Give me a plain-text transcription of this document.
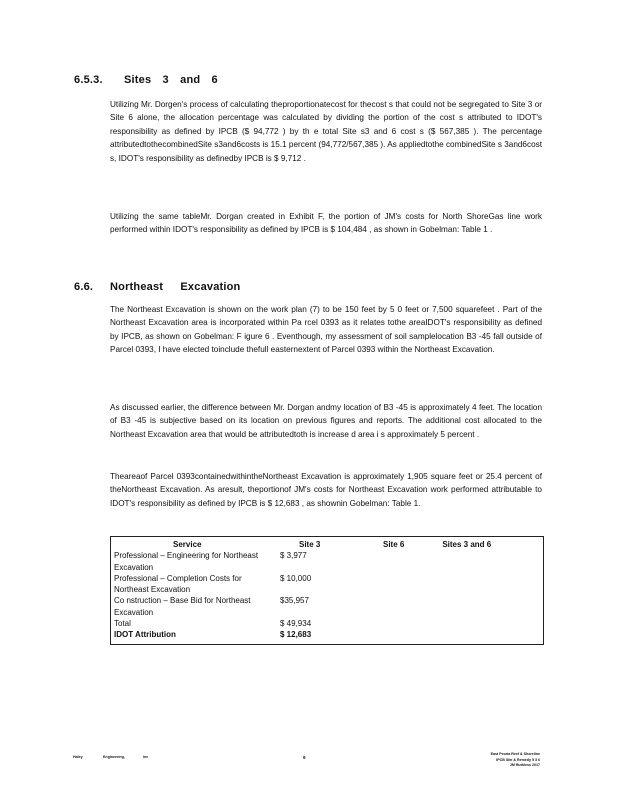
6.5.3. Sites 3 and 6

Utilizing Mr. Dorgen's process of calculating theproportionatecost for thecost s that could not be segregated to Site 3 or Site 6 alone, the allocation percentage was calculated by dividing the portion of the cost s attributed to IDOT's responsibility as defined by IPCB ($ 94,772 ) by th e total Site s3 and 6 cost s ($ 567,385 ). The percentage attributedtothecombinedSite s3and6costs is 15.1 percent (94,772/567,385 ). As appliedtothe combinedSite s 3and6cost s, IDOT's responsibility as definedby IPCB is $ 9,712 .

Utilizing the same tableMr. Dorgan created in Exhibit F, the portion of JM's costs for North ShoreGas line work performed within IDOT's responsibility as defined by IPCB is $ 104,484 , as shown in Gobelman: Table 1 .

6.6. Northeast Excavation

The Northeast Excavation is shown on the work plan (7) to be 150 feet by 5 0 feet or 7,500 squarefeet . Part of the Northeast Excavation area is incorporated within Pa rcel 0393 as it relates tothe areaIDOT's responsibility as defined by IPCB, as shown on Gobelman: F igure 6 . Eventhough, my assessment of soil samplelocation B3 -45 fall outside of Parcel 0393, I have elected toinclude thefull easternextent of Parcel 0393 within the Northeast Excavation.

As discussed earlier, the difference between Mr. Dorgan andmy location of B3 -45 is approximately 4 feet. The location of B3 -45 is subjective based on its location on previous figures and reports. The additional cost allocated to the Northeast Excavation area that would be attributedtoth is increase d area i s approximately 5 percent .

Theareaof Parcel 0393containedwithintheNortheast Excavation is approximately 1,905 square feet or 25.4 percent of theNortheast Excavation. As aresult, theportionof JM's costs for Northeast Excavation work performed attributable to IDOT's responsibility as defined by IPCB is $ 12,683 , as shownin Gobelman: Table 1.

Service	Site 3	Site 6	Sites 3 and 6
Professional – Engineering for Northeast Excavation	$ 3,977		
Professional – Completion Costs for Northeast Excavation	$ 10,000		
Co nstruction – Base Bid for Northeast Excavation	$35,957		
Total	$ 49,934		
IDOT Attribution	$ 12,683		
Haley	Engineering,	Inc	9
East Peoria Reef & Shoreline
IPCB Site & Remedy 5 3 6
JM Ruthless 2017
